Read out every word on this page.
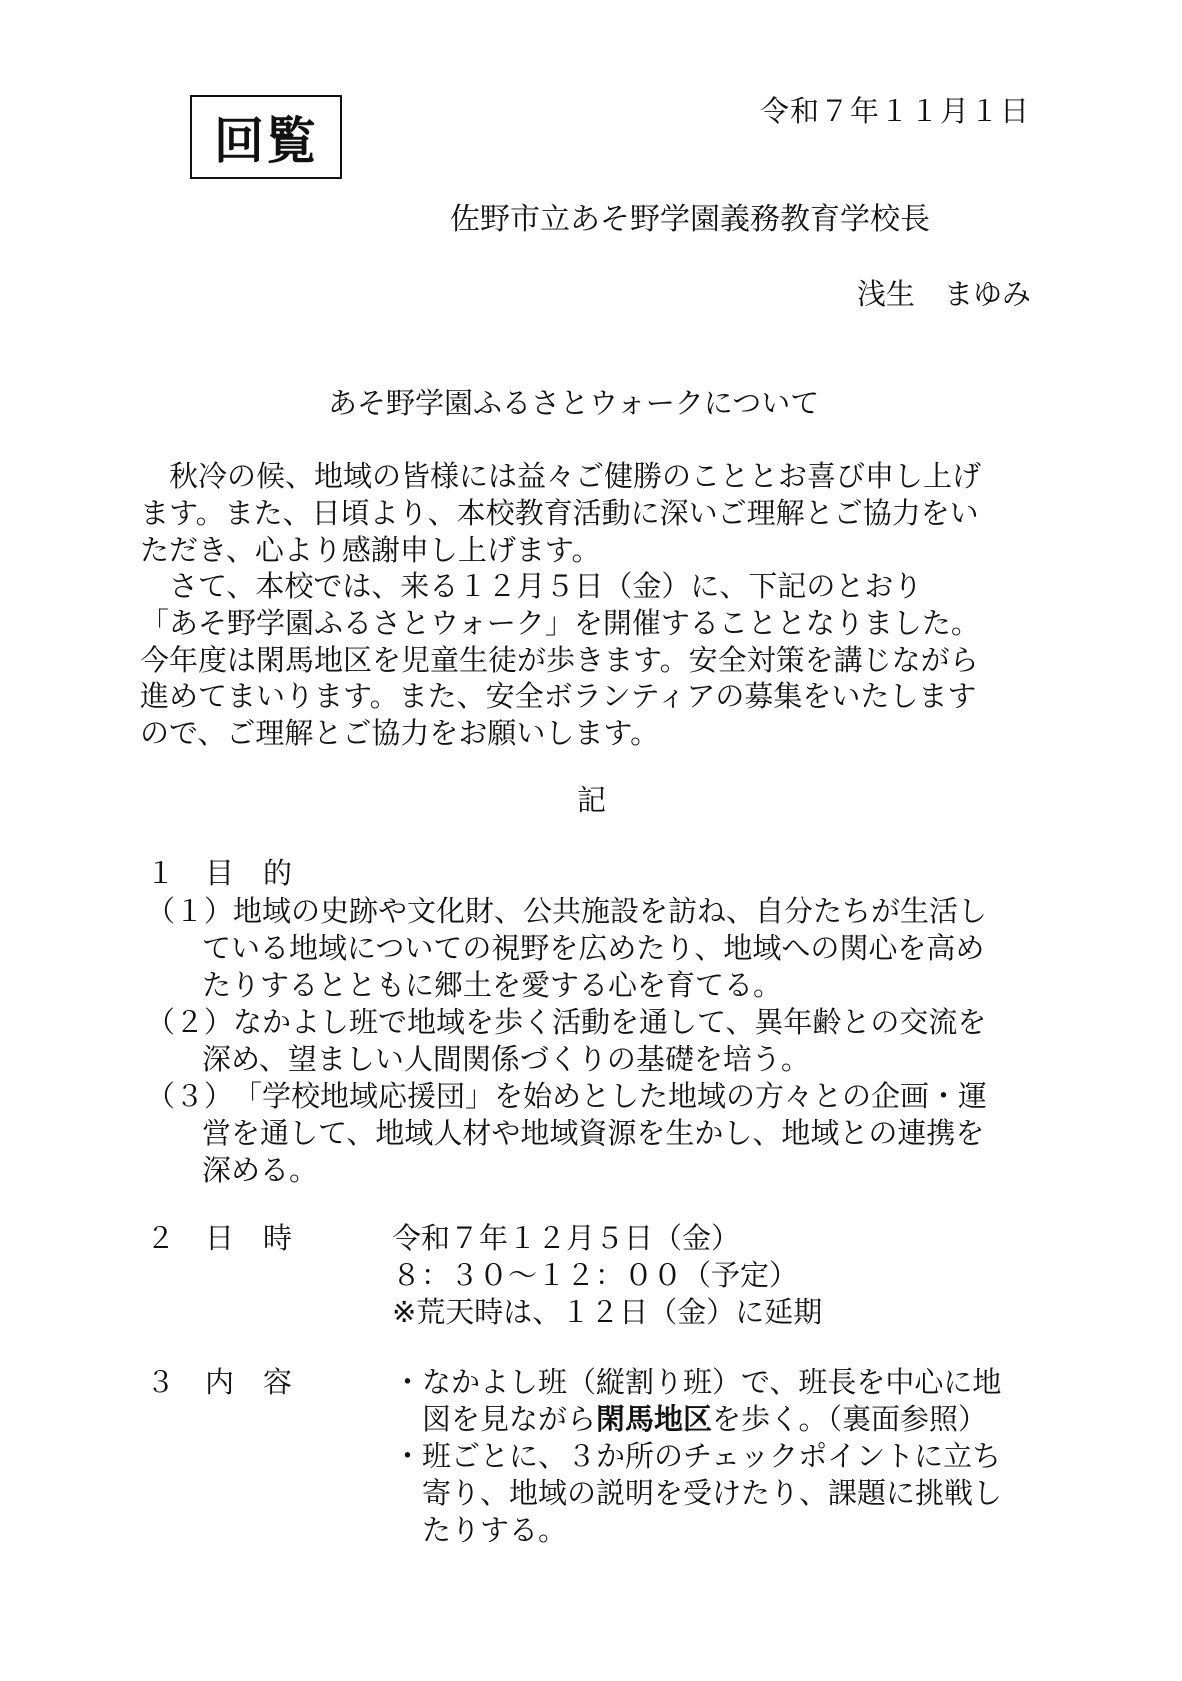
回覧
令和７年１１月１日
佐野市立あそ野学園義務教育学校長
浅生　まゆみ
あそ野学園ふるさとウォークについて
　秋冷の候、地域の皆様には益々ご健勝のこととお喜び申し上げ
ます。また、日頃より、本校教育活動に深いご理解とご協力をい
ただき、心より感謝申し上げます。
　さて、本校では、来る１２月５日（金）に、下記のとおり
「あそ野学園ふるさとウォーク」を開催することとなりました。
今年度は閑馬地区を児童生徒が歩きます。安全対策を講じながら
進めてまいります。また、安全ボランティアの募集をいたします
ので、ご理解とご協力をお願いします。
記
１ 目　的
（１） 地域の史跡や文化財、公共施設を訪ね、自分たちが生活し
ている地域についての視野を広めたり、地域への関心を高め
たりするとともに郷土を愛する心を育てる。
（２） なかよし班で地域を歩く活動を通して、異年齢との交流を
深め、望ましい人間関係づくりの基礎を培う。
（３） 「学校地域応援団」を始めとした地域の方々との企画・運
営を通して、地域人材や地域資源を生かし、地域との連携を
深める。
２ 日　時	令和７年１２月５日（金）
８：３０～１２：００（予定）
※荒天時は、１２日（金）に延期
３ 内　容	・ なかよし班（縦割り班）で、班長を中心に地
図を見ながら閑馬地区を歩く。（裏面参照）
・ 班ごとに、３か所のチェックポイントに立ち
寄り、地域の説明を受けたり、課題に挑戦し
たりする。
